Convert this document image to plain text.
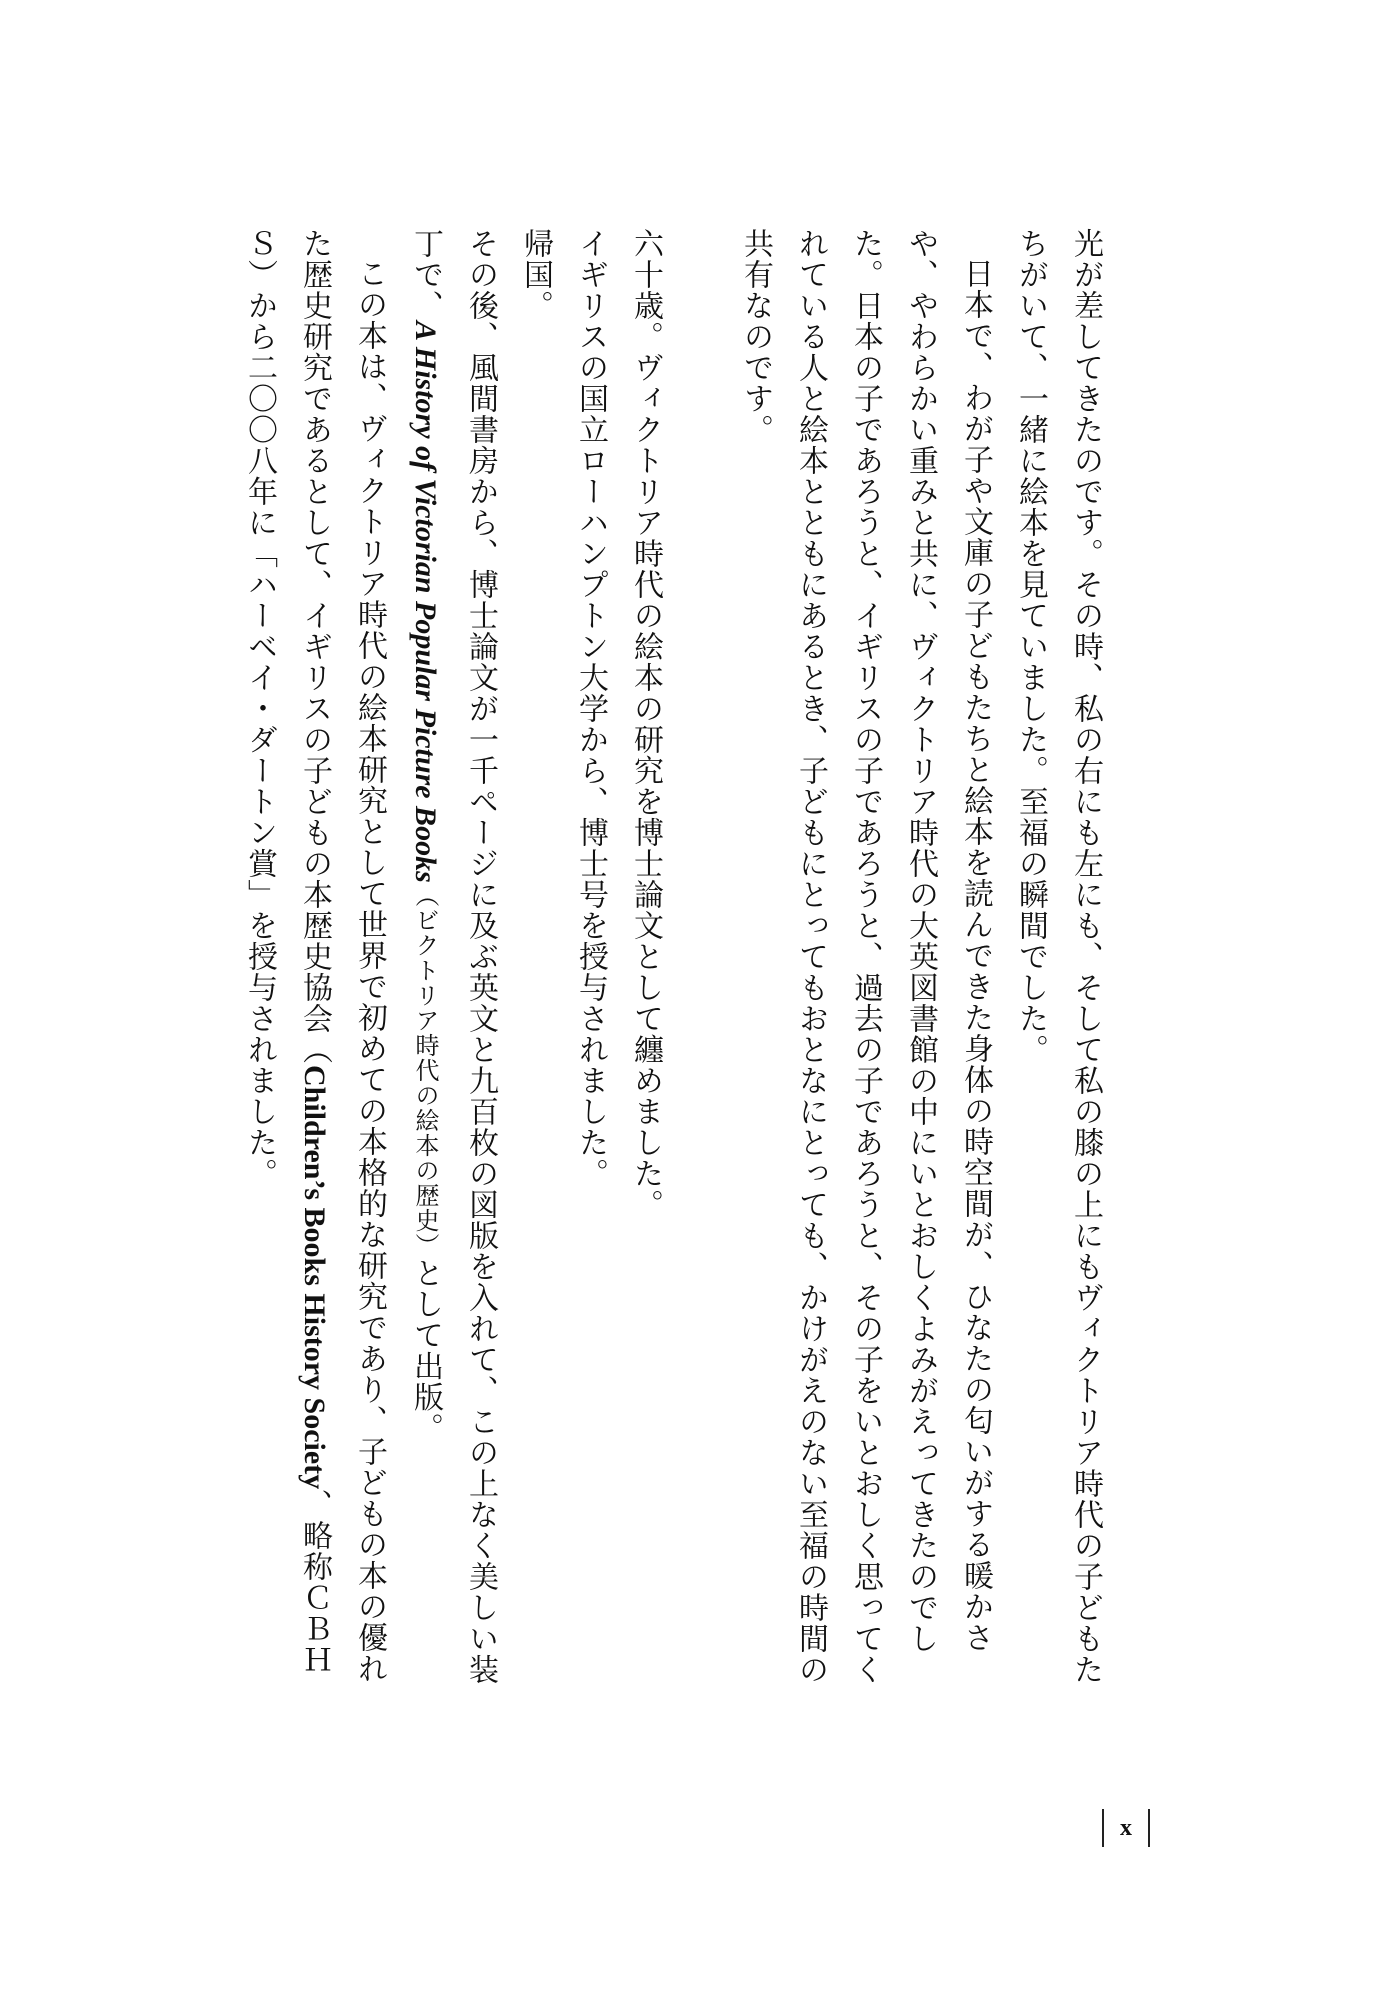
光が差してきたのです。その時、私の右にも左にも、そして私の膝の上にもヴィクトリア時代の子どもたちがいて、一緒に絵本を見ていました。至福の瞬間でした。

日本で、わが子や文庫の子どもたちと絵本を読んできた身体の時空間が、ひなたの匂いがする暖かさや、やわらかい重みと共に、ヴィクトリア時代の大英図書館の中にいとおしくよみがえってきたのでした。日本の子であろうと、イギリスの子であろうと、過去の子であろうと、その子をいとおしく思ってくれている人と絵本とともにあるとき、子どもにとってもおとなにとっても、かけがえのない至福の時間の共有なのです。

六十歳。ヴィクトリア時代の絵本の研究を博士論文として纏めました。

イギリスの国立ローハンプトン大学から、博士号を授与されました。

帰国。

その後、風間書房から、博士論文が一千ページに及ぶ英文と九百枚の図版を入れて、この上なく美しい装丁で、A History of Victorian Popular Picture Books（ビクトリア時代の絵本の歴史）として出版。

この本は、ヴィクトリア時代の絵本研究として世界で初めての本格的な研究であり、子どもの本の優れた歴史研究であるとして、イギリスの子どもの本歴史協会（Children’s Books History Society、略称ＣＢＨＳ）から二〇〇八年に「ハーベイ・ダートン賞」を授与されました。

x
